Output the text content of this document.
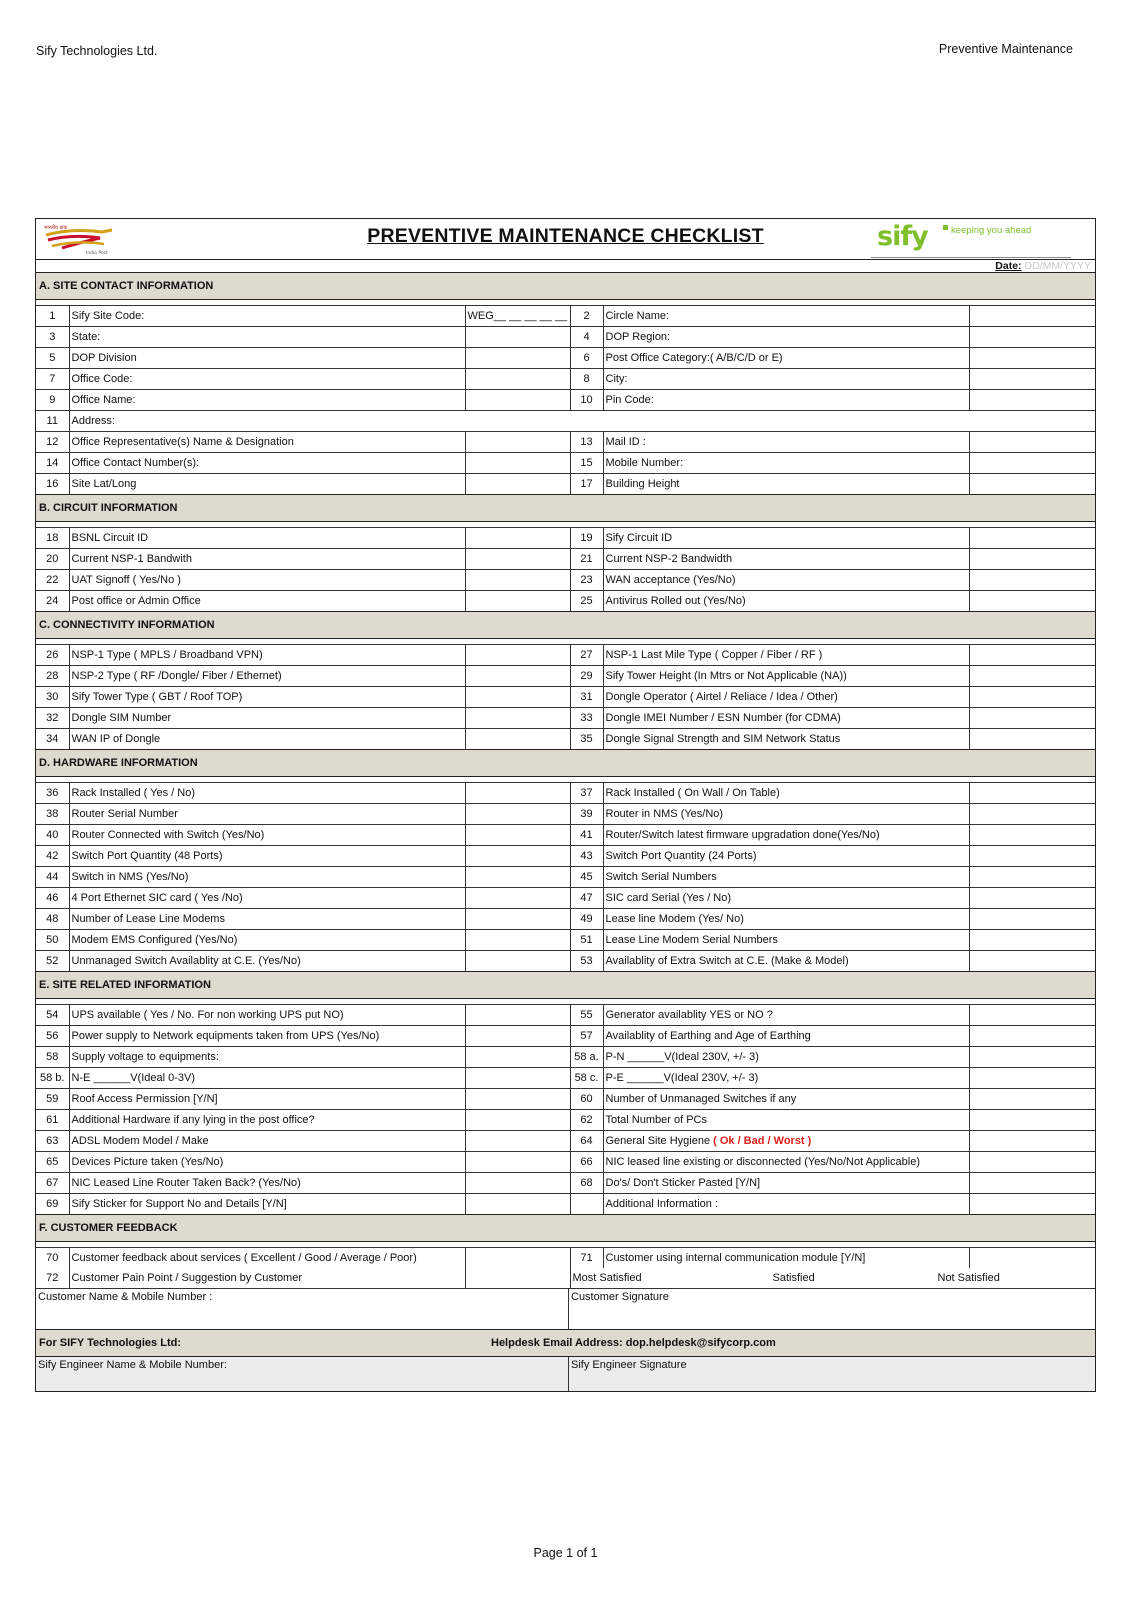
Sify Technologies Ltd.	Preventive Maintenance
भारतीय डाक
India Post
PREVENTIVE MAINTENANCE CHECKLIST	sify keeping you ahead
Date: DD/MM/YYYY
A. SITE CONTACT INFORMATION
1	Sify Site Code:	WEG__ __ __ __ __	2	Circle Name:	
3	State:		4	DOP Region:	
5	DOP Division		6	Post Office Category:( A/B/C/D or E)	
7	Office Code:		8	City:	
9	Office Name:		10	Pin Code:	
11	Address:				
12	Office Representative(s) Name & Designation		13	Mail ID :	
14	Office Contact Number(s):		15	Mobile Number:	
16	Site Lat/Long		17	Building Height	
B. CIRCUIT INFORMATION
18	BSNL Circuit ID		19	Sify Circuit ID	
20	Current NSP-1 Bandwith		21	Current NSP-2 Bandwidth	
22	UAT Signoff ( Yes/No )		23	WAN acceptance (Yes/No)	
24	Post office or Admin Office		25	Antivirus Rolled out (Yes/No)	
C. CONNECTIVITY INFORMATION
26	NSP-1 Type ( MPLS / Broadband VPN)		27	NSP-1 Last Mile Type ( Copper / Fiber / RF )	
28	NSP-2 Type ( RF /Dongle/ Fiber / Ethernet)		29	Sify Tower Height (In Mtrs or Not Applicable (NA))	
30	Sify Tower Type ( GBT / Roof TOP)		31	Dongle Operator ( Airtel / Reliace / Idea / Other)	
32	Dongle SIM Number		33	Dongle IMEI Number / ESN Number (for CDMA)	
34	WAN IP of Dongle		35	Dongle Signal Strength and SIM Network Status	
D. HARDWARE INFORMATION
36	Rack Installed ( Yes / No)		37	Rack Installed ( On Wall / On Table)	
38	Router Serial Number		39	Router in NMS (Yes/No)	
40	Router Connected with Switch (Yes/No)		41	Router/Switch latest firmware upgradation done(Yes/No)	
42	Switch Port Quantity (48 Ports)		43	Switch Port Quantity (24 Ports)	
44	Switch in NMS (Yes/No)		45	Switch Serial Numbers	
46	4 Port Ethernet SIC card ( Yes /No)		47	SIC card Serial (Yes / No)	
48	Number of Lease Line Modems		49	Lease line Modem (Yes/ No)	
50	Modem EMS Configured (Yes/No)		51	Lease Line Modem Serial Numbers	
52	Unmanaged Switch Availablity at C.E. (Yes/No)		53	Availablity of Extra Switch at C.E. (Make & Model)	
E. SITE RELATED INFORMATION
54	UPS available ( Yes / No. For non working UPS put NO)		55	Generator availablity YES or NO ?	
56	Power supply to Network equipments taken from UPS (Yes/No)		57	Availablity of Earthing and Age of Earthing	
58	Supply voltage to equipments:		58 a.	P-N ______V(Ideal 230V, +/- 3)	
58 b.	N-E ______V(Ideal 0-3V)		58 c.	P-E ______V(Ideal 230V, +/- 3)	
59	Roof Access Permission [Y/N]		60	Number of Unmanaged Switches if any	
61	Additional Hardware if any lying in the post office?		62	Total Number of PCs	
63	ADSL Modem Model / Make		64	General Site Hygiene ( Ok / Bad / Worst )	
65	Devices Picture taken (Yes/No)		66	NIC leased line existing or disconnected (Yes/No/Not Applicable)	
67	NIC Leased Line Router Taken Back? (Yes/No)		68	Do's/ Don't Sticker Pasted [Y/N]	
69	Sify Sticker for Support No and Details [Y/N]			Additional Information :	
F. CUSTOMER FEEDBACK
70	Customer feedback about services ( Excellent / Good / Average / Poor)		71	Customer using internal communication module [Y/N]	
72	Customer Pain Point / Suggestion by Customer		Most Satisfied	Satisfied	Not Satisfied
Customer Name & Mobile Number :	Customer Signature
For SIFY Technologies Ltd:	Helpdesk Email Address: dop.helpdesk@sifycorp.com
Sify Engineer Name & Mobile Number:	Sify Engineer Signature
Page 1 of 1
